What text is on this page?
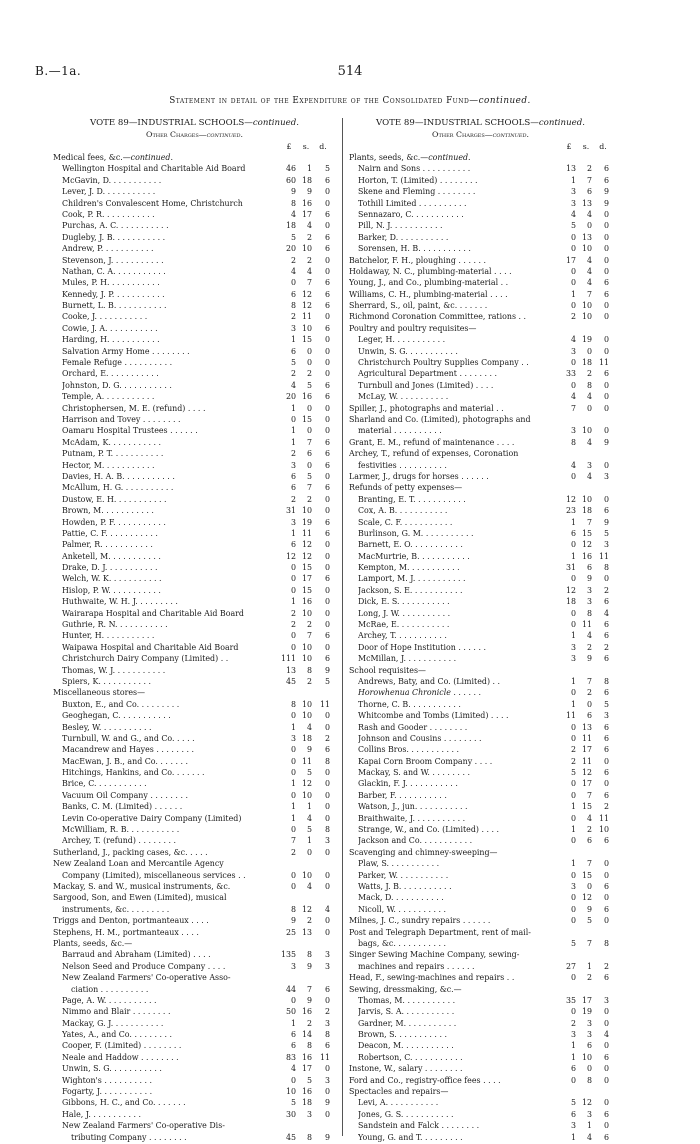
B.—1a.	514
Statement in detail of the Expenditure of the Consolidated Fund—continued.
VOTE 89—INDUSTRIAL SCHOOLS—continued.
Other Charges—continued.
£	s.	d.
Medical fees, &c.—continued.
Wellington Hospital and Charitable Aid Board	46	1	5
McGavin, D. . . . . . . . . . .	60 18	6
Lever, J. D. . . . . . . . . . .	9	9	0
Children's Convalescent Home, Christchurch	8 16	0
Cook, P. R. . . . . . . . . . .	4 17	6
Purchas, A. C. . . . . . . . . . .	18	4	0
Dugleby, J. B. . . . . . . . . . .	5	2	6
Andrew, P. . . . . . . . . . .	20 10	6
Stevenson, J. . . . . . . . . . .	2	2	0
Nathan, C. A. . . . . . . . . . .	4	4	0
Mules, P. H. . . . . . . . . . .	0	7	6
Kennedy, J. P. . . . . . . . . . .	6 12	6
Burnett, L. B. . . . . . . . . . .	8 12	6
Cooke, J. . . . . . . . . . .	2 11	0
Cowie, J. A. . . . . . . . . . .	3 10	6
Harding, H. . . . . . . . . . .	1 15	0
Salvation Army Home . . . . . . . .	6	0	0
Female Refuge . . . . . . . . . .	5	0	0
Orchard, E. . . . . . . . . . .	2	2	0
Johnston, D. G. . . . . . . . . . .	4	5	6
Temple, A. . . . . . . . . . .	20 16	6
Christophersen, M. E. (refund) . . . .	1	0	0
Harrison and Tovey . . . . . . . .	0 15	0
Oamaru Hospital Trustees . . . . . .	1	0	0
McAdam, K. . . . . . . . . . .	1	7	6
Putnam, P. T. . . . . . . . . . .	2	6	6
Hector, M. . . . . . . . . . .	3	0	6
Davies, H. A. B. . . . . . . . . . .	6	5	0
McAllum, H. G. . . . . . . . . . .	6	7	6
Dustow, E. H. . . . . . . . . . .	2	2	0
Brown, M. . . . . . . . . . .	31 10	0
Howden, P. F. . . . . . . . . . .	3 19	6
Pattie, C. F. . . . . . . . . . .	1 11	6
Palmer, R. . . . . . . . . . .	6 12	0
Anketell, M. . . . . . . . . . .	12 12	0
Drake, D. J. . . . . . . . . . .	0 15	0
Welch, W. K. . . . . . . . . . .	0 17	6
Hislop, P. W. . . . . . . . . . .	0 15	0
Huthwaite, W. H. J. . . . . . . . .	1 16	0
Wairarapa Hospital and Charitable Aid Board	2 10	0
Guthrie, R. N. . . . . . . . . . .	2	2	0
Hunter, H. . . . . . . . . . .	0	7	6
Waipawa Hospital and Charitable Aid Board	0 10	0
Christchurch Dairy Company (Limited) . .	111 10	6
Thomas, W. J. . . . . . . . . . .	13	8	9
Spiers, K. . . . . . . . . . .	45	2	5
Miscellaneous stores—
Buxton, E., and Co. . . . . . . . .	8 10	11
Geoghegan, C. . . . . . . . . . .	0 10	0
Besley, W. . . . . . . . . . .	1	4	0
Turnbull, W. and G., and Co. . . . .	3 18	2
Macandrew and Hayes . . . . . . . .	0	9	6
MacEwan, J. B., and Co. . . . . . .	0 11	8
Hitchings, Hankins, and Co. . . . . . .	0	5	0
Brice, C. . . . . . . . . . .	1 12	0
Vacuum Oil Company . . . . . . . .	0 10	0
Banks, C. M. (Limited) . . . . . .	1	1	0
Levin Co-operative Dairy Company (Limited)	1	4	0
McWilliam, R. B. . . . . . . . . . .	0	5	8
Archey, T. (refund) . . . . . . . .	7	1	3
Sutherland, J., packing cases, &c. . . . .	2	0	0
New Zealand Loan and Mercantile Agency
Company (Limited), miscellaneous services . .	0 10	0
Mackay, S. and W., musical instruments, &c.	0	4	0
Sargood, Son, and Ewen (Limited), musical
instruments, &c. . . . . . . . .	8 12	4
Triggs and Denton, portmanteaux . . . .	9	2	0
Stephens, H. M., portmanteaux . . . .	25 13	0
Plants, seeds, &c.—
Barraud and Abraham (Limited) . . . .	135	8	3
Nelson Seed and Produce Company . . . .	3	9	3
New Zealand Farmers' Co-operative Asso-
ciation . . . . . . . . . .	44	7	6
Page, A. W. . . . . . . . . . .	0	9	0
Nimmo and Blair . . . . . . . .	50 16	2
Mackay, G. J. . . . . . . . . . .	1	2	3
Yates, A., and Co. . . . . . . . .	6 14	8
Cooper, F. (Limited) . . . . . . . .	6	8	6
Neale and Haddow . . . . . . . .	83 16	11
Unwin, S. G. . . . . . . . . . .	4 17	0
Wighton's . . . . . . . . . .	0	5	3
Fogarty, J. . . . . . . . . . .	10 16	0
Gibbons, H. C., and Co. . . . . . .	5 18	9
Hale, J. . . . . . . . . . .	30	3	0
New Zealand Farmers' Co-operative Dis-
tributing Company . . . . . . . .	45	8	9
VOTE 89—INDUSTRIAL SCHOOLS—continued.
Other Charges—continued.
£	s.	d.
Plants, seeds, &c.—continued.
Nairn and Sons . . . . . . . . . .	13	2	6
Horton, T. (Limited) . . . . . . . .	1	7	6
Skene and Fleming . . . . . . . .	3	6	9
Tothill Limited . . . . . . . . . .	3 13	9
Sennazaro, C. . . . . . . . . . .	4	4	0
Pill, N. J. . . . . . . . . . .	5	0	0
Barker, D. . . . . . . . . . .	0 13	0
Sorensen, H. B. . . . . . . . . . .	0 10	0
Batchelor, F. H., ploughing . . . . . .	17	4	0
Holdaway, N. C., plumbing-material . . . .	0	4	0
Young, J., and Co., plumbing-material . .	0	4	6
Williams, C. H., plumbing-material . . . .	1	7	6
Sherrard, S., oil, paint, &c. . . . . . .	0 10	0
Richmond Coronation Committee, rations . .	2 10	0
Poultry and poultry requisites—
Leger, H. . . . . . . . . . .	4 19	0
Unwin, S. G. . . . . . . . . . .	3	0	0
Christchurch Poultry Supplies Company . .	0 18 11
Agricultural Department . . . . . . . .	33	2	6
Turnbull and Jones (Limited) . . . .	0	8	0
McLay, W. . . . . . . . . . .	4	4	0
Spiller, J., photographs and material . .	7	0	0
Sharland and Co. (Limited), photographs and
material . . . . . . . . . .	3 10	0
Grant, E. M., refund of maintenance . . . .	8	4	9
Archey, T., refund of expenses, Coronation
festivities . . . . . . . . . .	4	3	0
Larmer, J., drugs for horses . . . . . .	0	4	3
Refunds of petty expenses—
Branting, E. T. . . . . . . . . . .	12 10	0
Cox, A. B. . . . . . . . . . .	23 18	6
Scale, C. F. . . . . . . . . . .	1	7	9
Burlinson, G. M. . . . . . . . . . .	6 15	5
Barnett, E. O. . . . . . . . . . .	0 12	3
MacMurtrie, B. . . . . . . . . . .	1 16 11
Kempton, M. . . . . . . . . . .	31	6	8
Lamport, M. J. . . . . . . . . . .	0	9	0
Jackson, S. E. . . . . . . . . . .	12	3	2
Dick, E. S. . . . . . . . . . .	18	3	6
Long, J. W. . . . . . . . . . .	0	8	4
McRae, E. . . . . . . . . . .	0 11	6
Archey, T. . . . . . . . . . .	1	4	6
Door of Hope Institution . . . . . .	3	2	2
McMillan, J. . . . . . . . . . .	3	9	6
School requisites—
Andrews, Baty, and Co. (Limited) . .	1	7	8
Horowhenua Chronicle . . . . . .	0	2	6
Thorne, C. B. . . . . . . . . . .	1	0	5
Whitcombe and Tombs (Limited) . . . .	11	6	3
Rash and Gooder . . . . . . . .	0 13	6
Johnson and Cousins . . . . . . . .	0 11	6
Collins Bros. . . . . . . . . . .	2 17	6
Kapai Corn Broom Company . . . .	2 11	0
Mackay, S. and W. . . . . . . . .	5 12	6
Glackin, F. J. . . . . . . . . . .	0 17	0
Barber, F. . . . . . . . . . .	0	7	6
Watson, J., jun. . . . . . . . . . .	1 15	2
Braithwaite, J. . . . . . . . . . .	0	4 11
Strange, W., and Co. (Limited) . . . .	1	2 10
Jackson and Co. . . . . . . . . . .	0	6	6
Scavenging and chimney-sweeping—
Plaw, S. . . . . . . . . . .	1	7	0
Parker, W. . . . . . . . . . .	0 15	0
Watts, J. B. . . . . . . . . . .	3	0	6
Mack, D. . . . . . . . . . .	0 12	0
Nicoll, W. . . . . . . . . . .	0	9	6
Milnes, J. C., sundry repairs . . . . . .	0	5	0
Post and Telegraph Department, rent of mail-
bags, &c. . . . . . . . . . .	5	7	8
Singer Sewing Machine Company, sewing-
machines and repairs . . . . . .	27	1	2
Head, F., sewing-machines and repairs . .	0	2	6
Sewing, dressmaking, &c.—
Thomas, M. . . . . . . . . . .	35 17	3
Jarvis, S. A. . . . . . . . . . .	0 19	0
Gardner, M. . . . . . . . . . .	2	3	0
Brown, S. . . . . . . . . . .	3	3	4
Deacon, M. . . . . . . . . . .	1	6	0
Robertson, C. . . . . . . . . . .	1 10	6
Instone, W., salary . . . . . . . .	6	0	0
Ford and Co., registry-office fees . . . .	0	8	0
Spectacles and repairs—
Levi, A. . . . . . . . . . .	5 12	0
Jones, G. S. . . . . . . . . . .	6	3	6
Sandstein and Falck . . . . . . . .	3	1	0
Young, G. and T. . . . . . . . .	1	4	6
